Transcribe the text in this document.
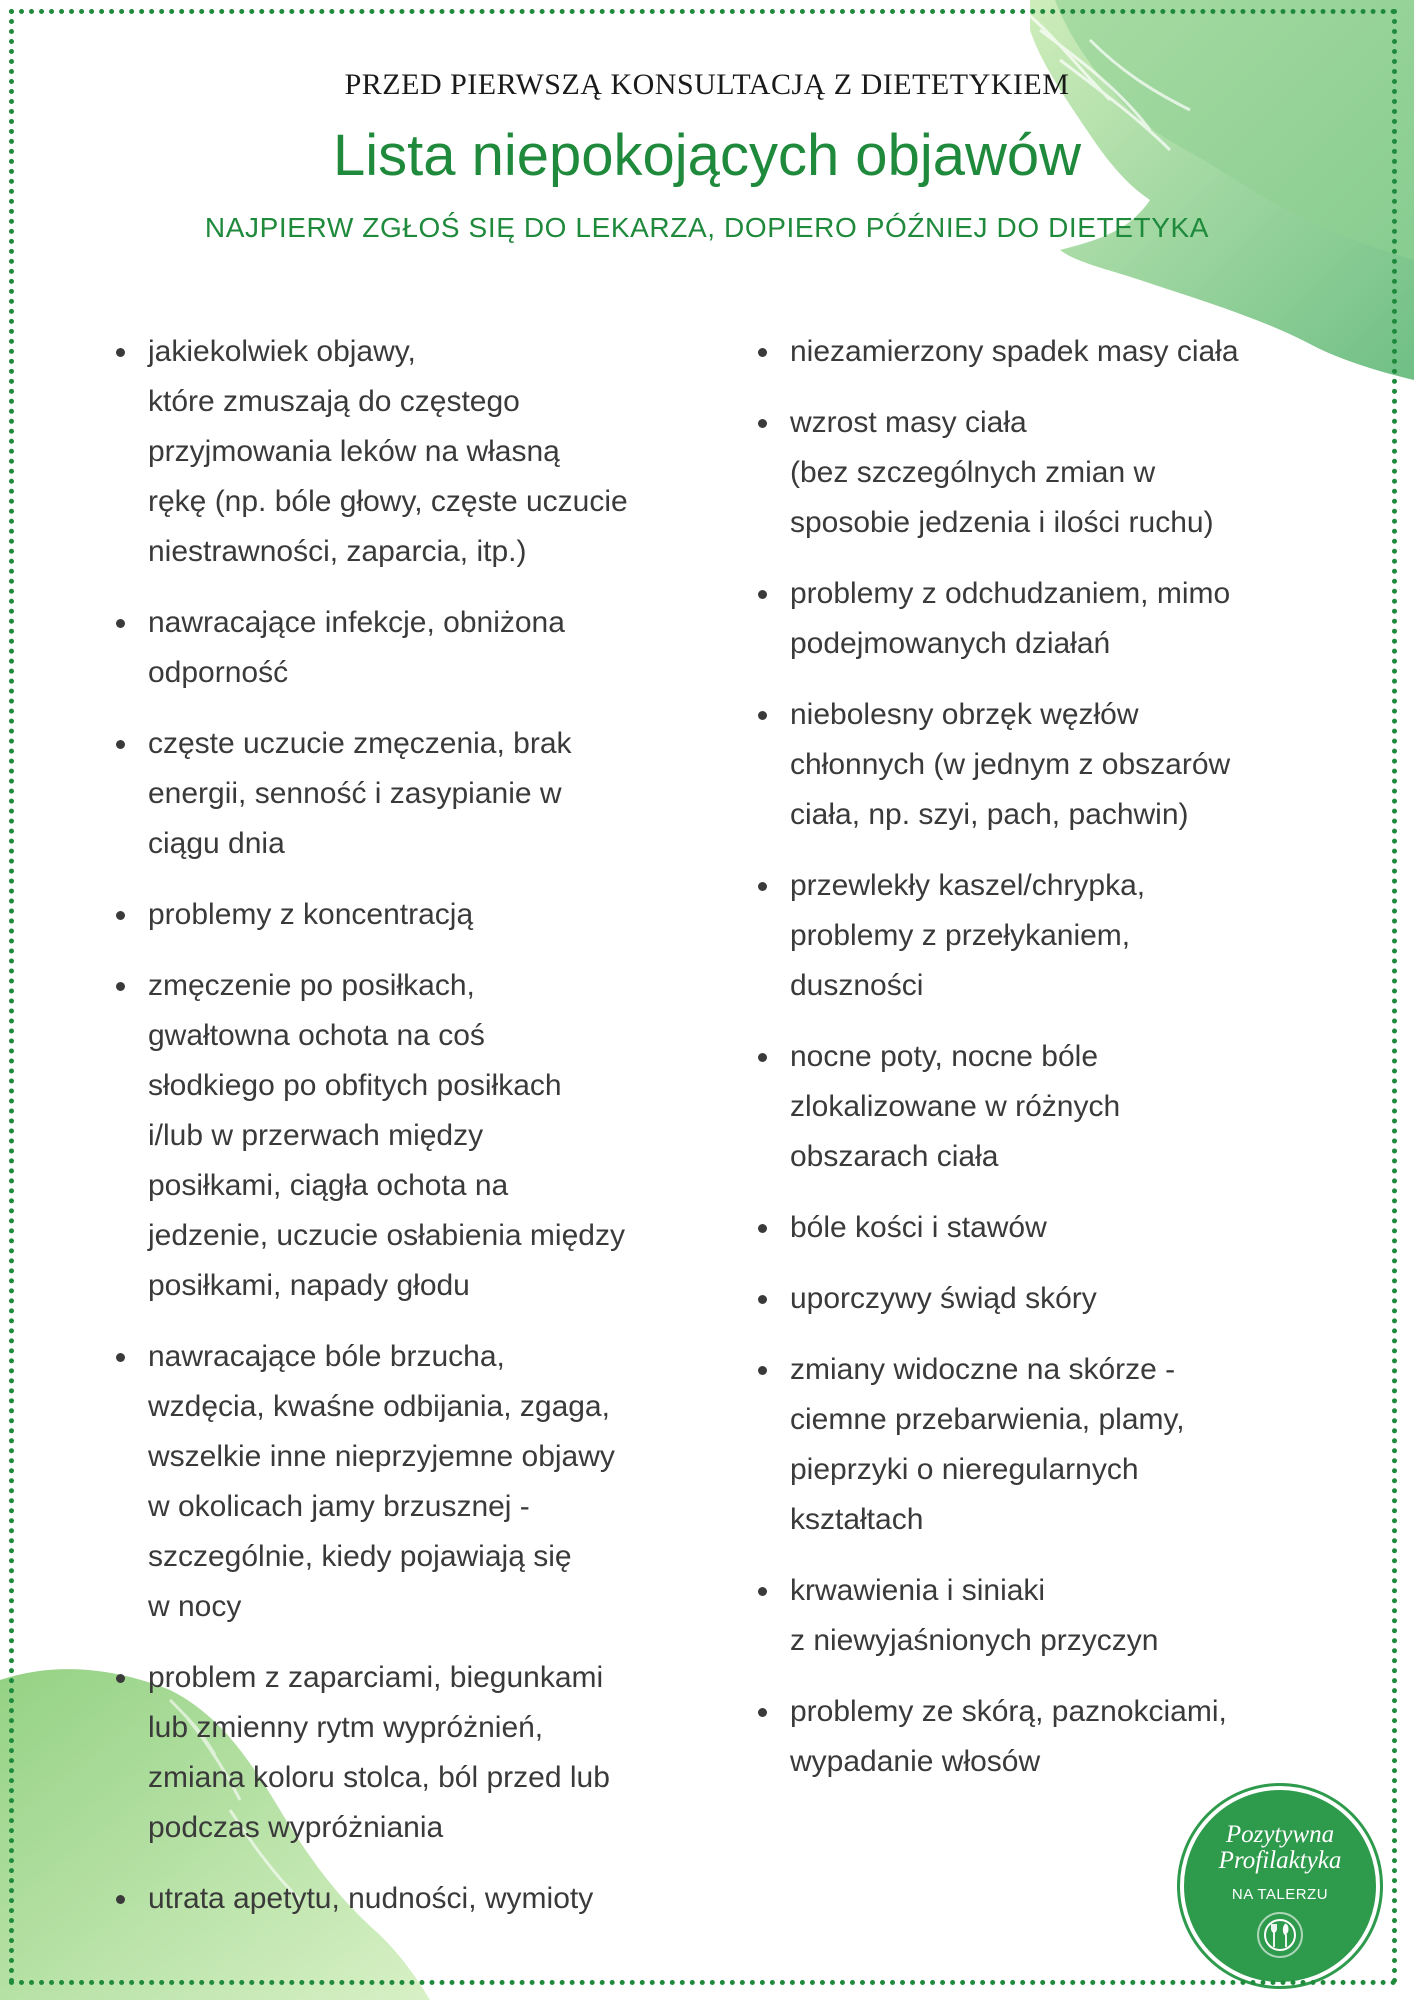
PRZED PIERWSZĄ KONSULTACJĄ Z DIETETYKIEM
Lista niepokojących objawów
NAJPIERW ZGŁOŚ SIĘ DO LEKARZA, DOPIERO PÓŹNIEJ DO DIETETYKA
jakiekolwiek objawy,
które zmuszają do częstego
przyjmowania leków na własną
rękę (np. bóle głowy, częste uczucie
niestrawności, zaparcia, itp.)
nawracające infekcje, obniżona
odporność
częste uczucie zmęczenia, brak
energii, senność i zasypianie w
ciągu dnia
problemy z koncentracją
zmęczenie po posiłkach,
gwałtowna ochota na coś
słodkiego po obfitych posiłkach
i/lub w przerwach między
posiłkami, ciągła ochota na
jedzenie, uczucie osłabienia między
posiłkami, napady głodu
nawracające bóle brzucha,
wzdęcia, kwaśne odbijania, zgaga,
wszelkie inne nieprzyjemne objawy
w okolicach jamy brzusznej -
szczególnie, kiedy pojawiają się
w nocy
problem z zaparciami, biegunkami
lub zmienny rytm wypróżnień,
zmiana koloru stolca, ból przed lub
podczas wypróżniania
utrata apetytu, nudności, wymioty
niezamierzony spadek masy ciała
wzrost masy ciała
(bez szczególnych zmian w
sposobie jedzenia i ilości ruchu)
problemy z odchudzaniem, mimo
podejmowanych działań
niebolesny obrzęk węzłów
chłonnych (w jednym z obszarów
ciała, np. szyi, pach, pachwin)
przewlekły kaszel/chrypka,
problemy z przełykaniem,
duszności
nocne poty, nocne bóle
zlokalizowane w różnych
obszarach ciała
bóle kości i stawów
uporczywy świąd skóry
zmiany widoczne na skórze -
ciemne przebarwienia, plamy,
pieprzyki o nieregularnych
kształtach
krwawienia i siniaki
z niewyjaśnionych przyczyn
problemy ze skórą, paznokciami,
wypadanie włosów
Pozytywna
Profilaktyka
NA TALERZU
